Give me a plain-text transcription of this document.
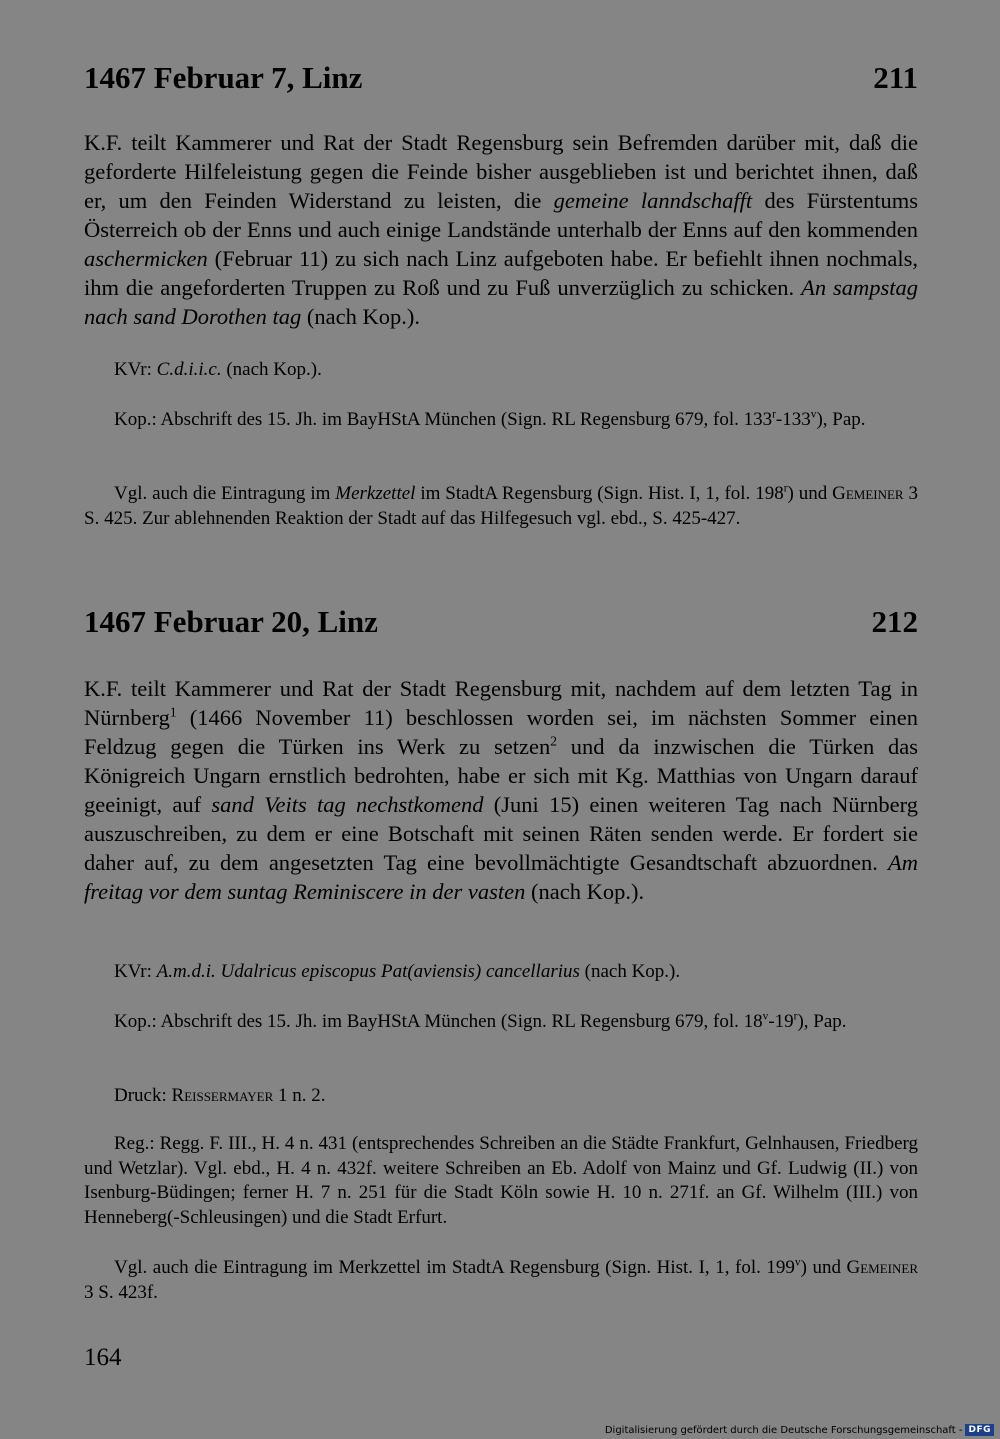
1467 Februar 7, Linz	211

K.F. teilt Kammerer und Rat der Stadt Regensburg sein Befremden darüber mit, daß die geforderte Hilfeleistung gegen die Feinde bisher ausgeblieben ist und berichtet ihnen, daß er, um den Feinden Widerstand zu leisten, die gemeine lanndschafft des Fürstentums Österreich ob der Enns und auch einige Landstände unterhalb der Enns auf den kommenden aschermicken (Februar 11) zu sich nach Linz aufgeboten habe. Er befiehlt ihnen nochmals, ihm die angeforderten Truppen zu Roß und zu Fuß unverzüglich zu schicken. An sampstag nach sand Dorothen tag (nach Kop.).

KVr: C.d.i.i.c. (nach Kop.).

Kop.: Abschrift des 15. Jh. im BayHStA München (Sign. RL Regensburg 679, fol. 133$^r$-133$^v$), Pap.

Vgl. auch die Eintragung im Merkzettel im StadtA Regensburg (Sign. Hist. I, 1, fol. 198$^r$) und Gemeiner 3 S. 425. Zur ablehnenden Reaktion der Stadt auf das Hilfegesuch vgl. ebd., S. 425-427.

1467 Februar 20, Linz	212

K.F. teilt Kammerer und Rat der Stadt Regensburg mit, nachdem auf dem letzten Tag in Nürnberg$^1$ (1466 November 11) beschlossen worden sei, im nächsten Sommer einen Feldzug gegen die Türken ins Werk zu setzen$^2$ und da inzwischen die Türken das Königreich Ungarn ernstlich bedrohten, habe er sich mit Kg. Matthias von Ungarn darauf geeinigt, auf sand Veits tag nechstkomend (Juni 15) einen weiteren Tag nach Nürnberg auszuschreiben, zu dem er eine Botschaft mit seinen Räten senden werde. Er fordert sie daher auf, zu dem angesetzten Tag eine bevollmächtigte Gesandtschaft abzuordnen. Am freitag vor dem suntag Reminiscere in der vasten (nach Kop.).

KVr: A.m.d.i. Udalricus episcopus Pat(aviensis) cancellarius (nach Kop.).

Kop.: Abschrift des 15. Jh. im BayHStA München (Sign. RL Regensburg 679, fol. 18$^v$-19$^r$), Pap.

Druck: Reissermayer 1 n. 2.

Reg.: Regg. F. III., H. 4 n. 431 (entsprechendes Schreiben an die Städte Frankfurt, Gelnhausen, Friedberg und Wetzlar). Vgl. ebd., H. 4 n. 432f. weitere Schreiben an Eb. Adolf von Mainz und Gf. Ludwig (II.) von Isenburg-Büdingen; ferner H. 7 n. 251 für die Stadt Köln sowie H. 10 n. 271f. an Gf. Wilhelm (III.) von Henneberg(-Schleusingen) und die Stadt Erfurt.

Vgl. auch die Eintragung im Merkzettel im StadtA Regensburg (Sign. Hist. I, 1, fol. 199$^v$) und Gemeiner 3 S. 423f.

164
Digitalisierung gefördert durch die Deutsche Forschungsgemeinschaft - DFG
